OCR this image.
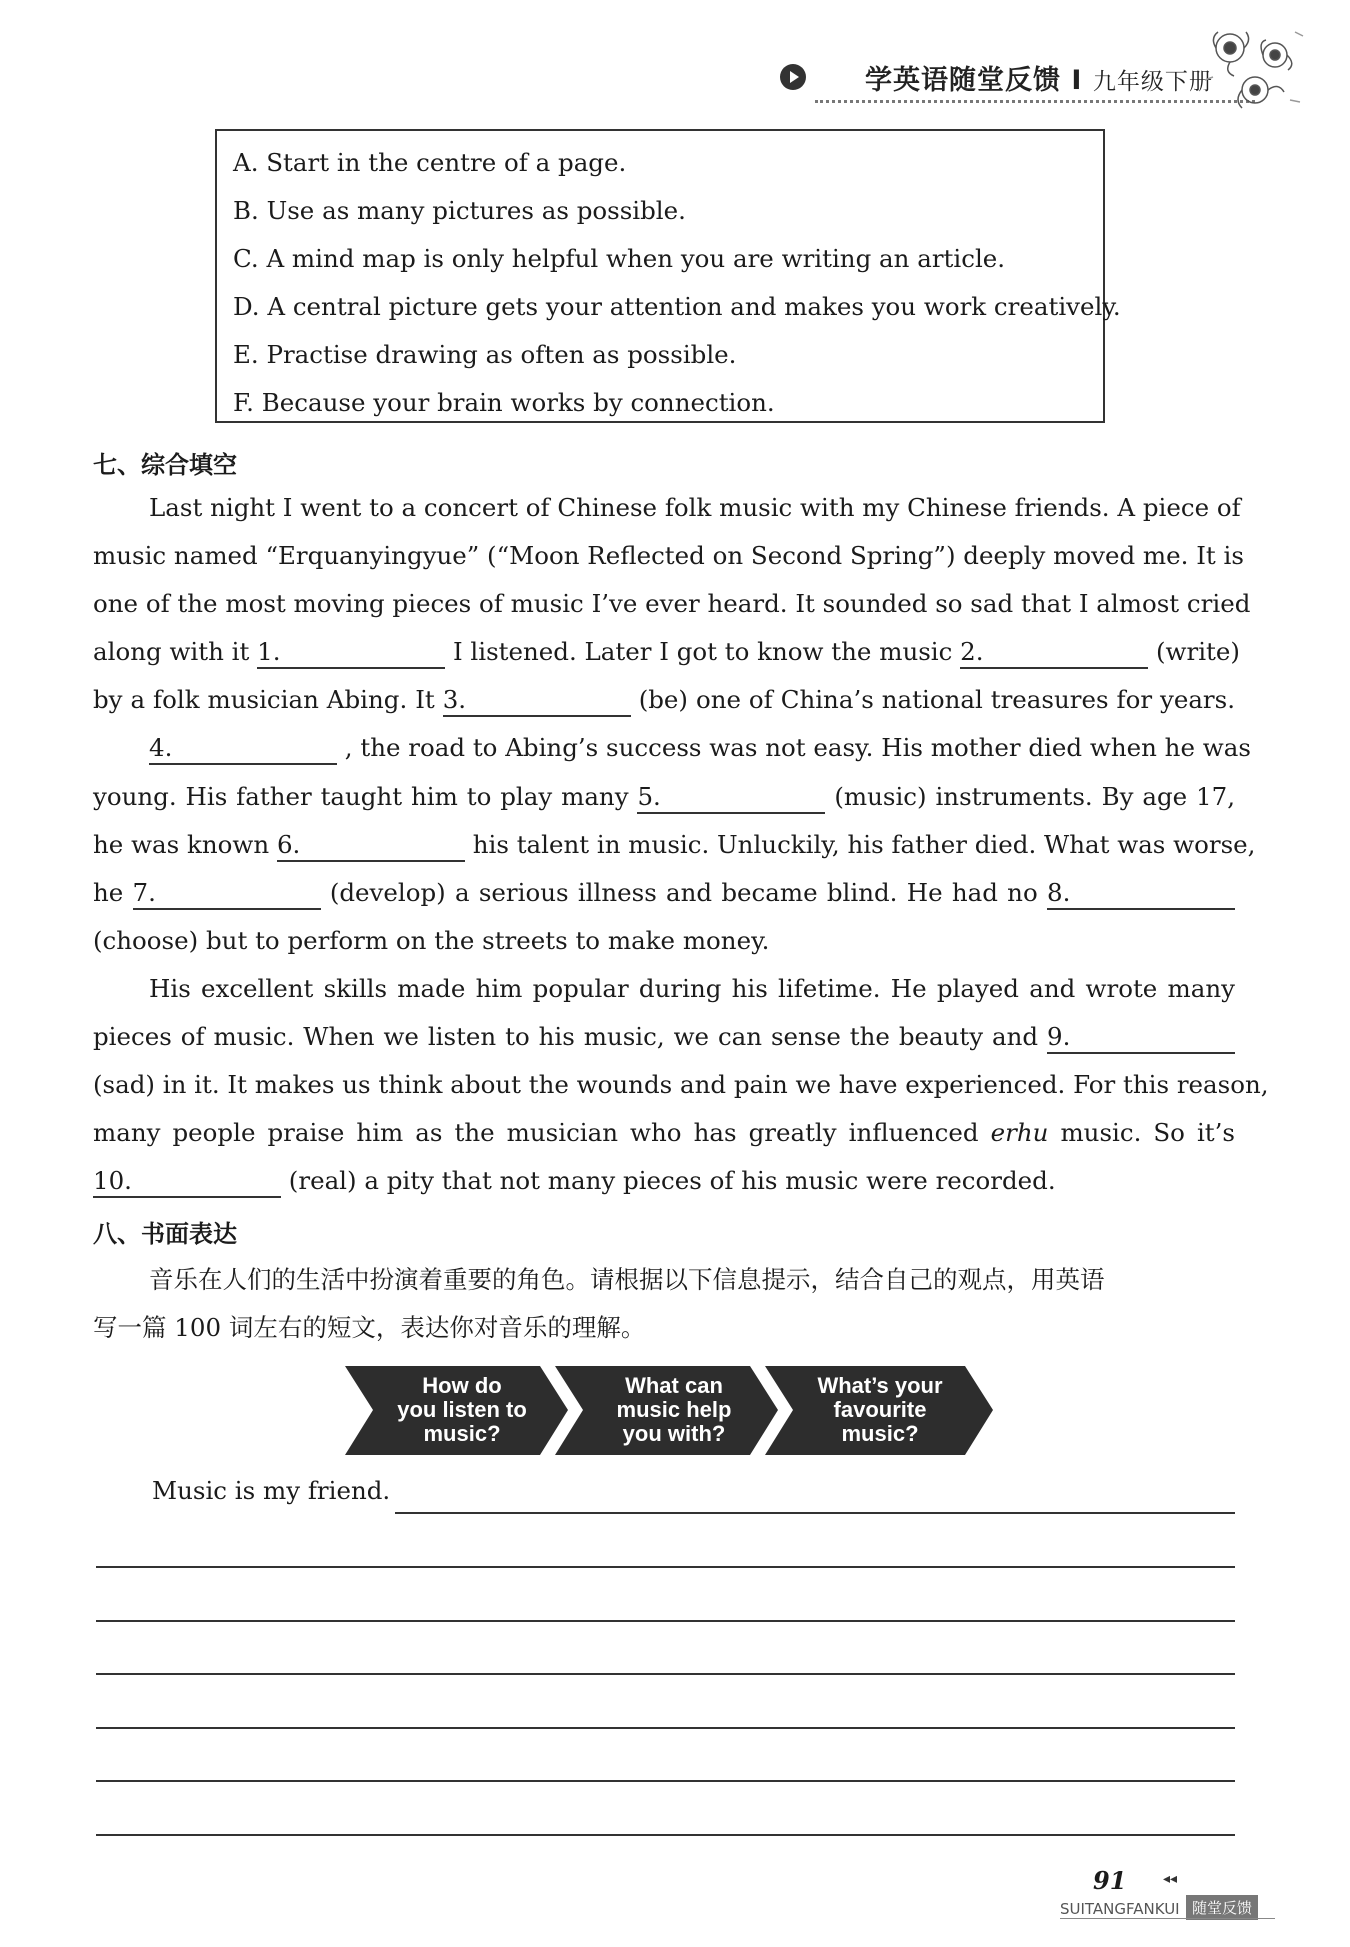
学英语随堂反馈 I 九年级下册
A. Start in the centre of a page.
B. Use as many pictures as possible.
C. A mind map is only helpful when you are writing an article.
D. A central picture gets your attention and makes you work creatively.
E. Practise drawing as often as possible.
F. Because your brain works by connection.
七、综合填空
Last night I went to a concert of Chinese folk music with my Chinese friends. A piece of
music named “Erquanyingyue” (“Moon Reflected on Second Spring”) deeply moved me. It is
one of the most moving pieces of music I’ve ever heard. It sounded so sad that I almost cried
along with it 1.	I listened. Later I got to know the music 2.	(write)
by a folk musician Abing. It 3.	(be) one of China’s national treasures for years.
4.	, the road to Abing’s success was not easy. His mother died when he was
young. His father taught him to play many 5.	(music) instruments. By age 17,
he was known 6.	his talent in music. Unluckily, his father died. What was worse,
he 7.	(develop) a serious illness and became blind. He had no 8.
(choose) but to perform on the streets to make money.
His excellent skills made him popular during his lifetime. He played and wrote many
pieces of music. When we listen to his music, we can sense the beauty and 9.
(sad) in it. It makes us think about the wounds and pain we have experienced. For this reason,
many people praise him as the musician who has greatly influenced erhu music. So it’s
10.	(real) a pity that not many pieces of his music were recorded.
八、书面表达
音乐在人们的生活中扮演着重要的角色。请根据以下信息提示，结合自己的观点，用英语
写一篇 100 词左右的短文，表达你对音乐的理解。
How do
you listen to
music?
What can
music help
you with?
What’s your
favourite
music?
Music is my friend.
91	◂◂
SUITANGFANKUI 随堂反馈
